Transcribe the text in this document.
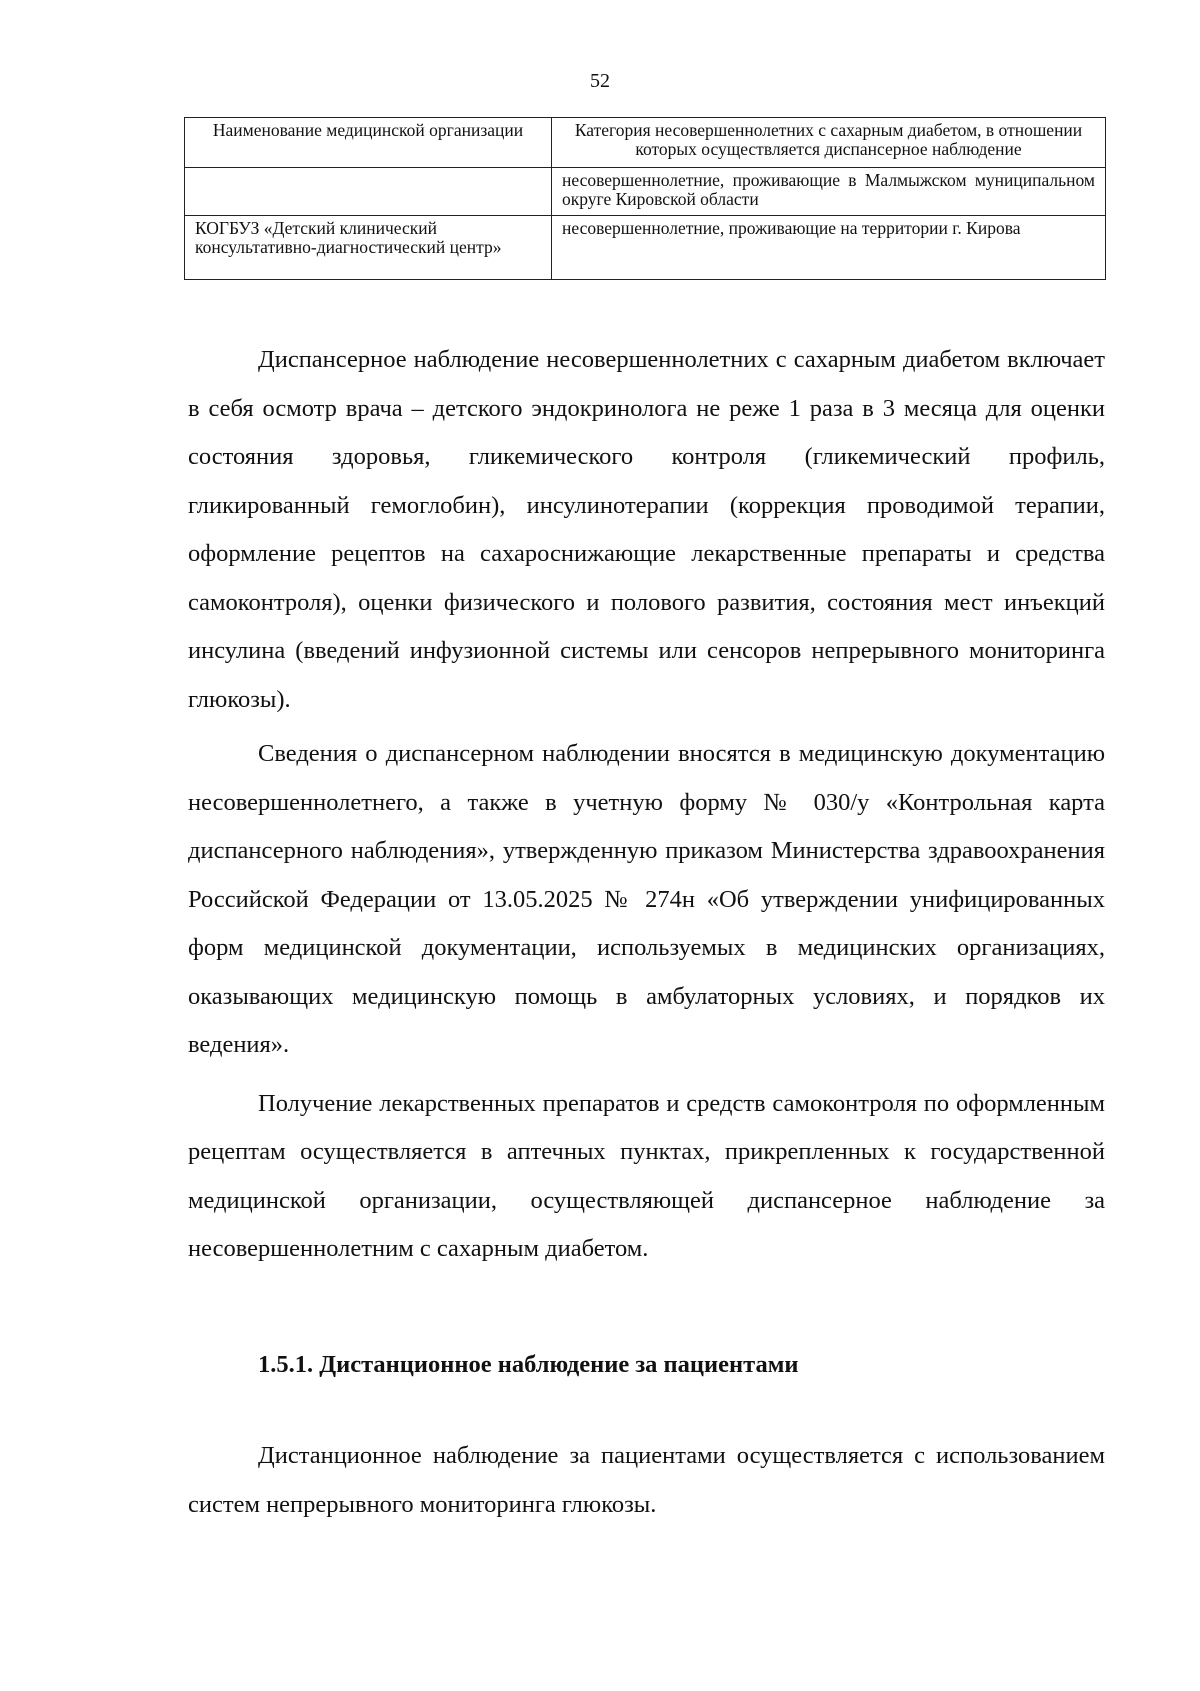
52
Наименование медицинской организации	Категория несовершеннолетних с сахарным диабетом, в отношении которых осуществляется диспансерное наблюдение
	несовершеннолетние, проживающие в Малмыжском муниципальном округе Кировской области
КОГБУЗ «Детский клинический консультативно-диагностический центр»	несовершеннолетние, проживающие на территории г. Кирова

Диспансерное наблюдение несовершеннолетних с сахарным диабетом включает в себя осмотр врача – детского эндокринолога не реже 1 раза в 3 месяца для оценки состояния здоровья, гликемического контроля (гликемический профиль, гликированный гемоглобин), инсулинотерапии (коррекция проводимой терапии, оформление рецептов на сахароснижающие лекарственные препараты и средства самоконтроля), оценки физического и полового развития, состояния мест инъекций инсулина (введений инфузионной системы или сенсоров непрерывного мониторинга глюкозы).

Сведения о диспансерном наблюдении вносятся в медицинскую документацию несовершеннолетнего, а также в учетную форму № 030/у «Контрольная карта диспансерного наблюдения», утвержденную приказом Министерства здравоохранения Российской Федерации от 13.05.2025 № 274н «Об утверждении унифицированных форм медицинской документации, используемых в медицинских организациях, оказывающих медицинскую помощь в амбулаторных условиях, и порядков их ведения».

Получение лекарственных препаратов и средств самоконтроля по оформленным рецептам осуществляется в аптечных пунктах, прикрепленных к государственной медицинской организации, осуществляющей диспансерное наблюдение за несовершеннолетним с сахарным диабетом.

1.5.1. Дистанционное наблюдение за пациентами

Дистанционное наблюдение за пациентами осуществляется с использованием систем непрерывного мониторинга глюкозы.
